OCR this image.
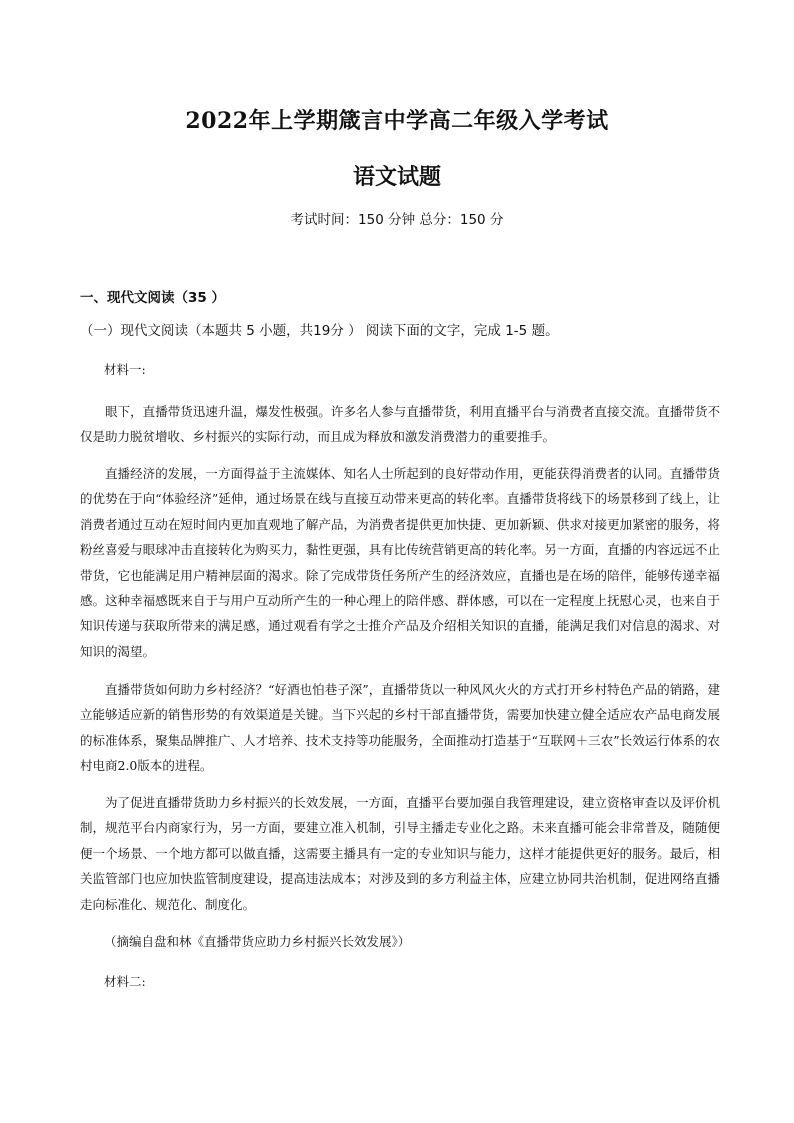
2022年上学期箴言中学高二年级入学考试
语文试题
考试时间：150 分钟 总分：150 分
一、现代文阅读（35 ）
（一）现代文阅读（本题共 5 小题，共19分 ） 阅读下面的文字，完成 1-5 题。
材料一:

眼下，直播带货迅速升温，爆发性极强。许多名人参与直播带货，利用直播平台与消费者直接交流。直播带货不仅是助力脱贫增收、乡村振兴的实际行动，而且成为释放和激发消费潜力的重要推手。

直播经济的发展，一方面得益于主流媒体、知名人士所起到的良好带动作用，更能获得消费者的认同。直播带货的优势在于向“体验经济”延伸，通过场景在线与直接互动带来更高的转化率。直播带货将线下的场景移到了线上，让消费者通过互动在短时间内更加直观地了解产品，为消费者提供更加快捷、更加新颖、供求对接更加紧密的服务，将粉丝喜爱与眼球冲击直接转化为购买力，黏性更强，具有比传统营销更高的转化率。另一方面，直播的内容远远不止带货，它也能满足用户精神层面的渴求。除了完成带货任务所产生的经济效应，直播也是在场的陪伴，能够传递幸福感。这种幸福感既来自于与用户互动所产生的一种心理上的陪伴感、群体感，可以在一定程度上抚慰心灵，也来自于知识传递与获取所带来的满足感，通过观看有学之士推介产品及介绍相关知识的直播，能满足我们对信息的渴求、对知识的渴望。

直播带货如何助力乡村经济？“好酒也怕巷子深”，直播带货以一种风风火火的方式打开乡村特色产品的销路，建立能够适应新的销售形势的有效渠道是关键。当下兴起的乡村干部直播带货，需要加快建立健全适应农产品电商发展的标准体系，聚集品牌推广、人才培养、技术支持等功能服务，全面推动打造基于“互联网＋三农”长效运行体系的农村电商2.0版本的进程。

为了促进直播带货助力乡村振兴的长效发展，一方面，直播平台要加强自我管理建设，建立资格审查以及评价机制，规范平台内商家行为，另一方面，要建立准入机制，引导主播走专业化之路。未来直播可能会非常普及，随随便便一个场景、一个地方都可以做直播，这需要主播具有一定的专业知识与能力，这样才能提供更好的服务。最后，相关监管部门也应加快监管制度建设，提高违法成本；对涉及到的多方利益主体，应建立协同共治机制，促进网络直播走向标准化、规范化、制度化。

（摘编自盘和林《直播带货应助力乡村振兴长效发展》）
材料二:
